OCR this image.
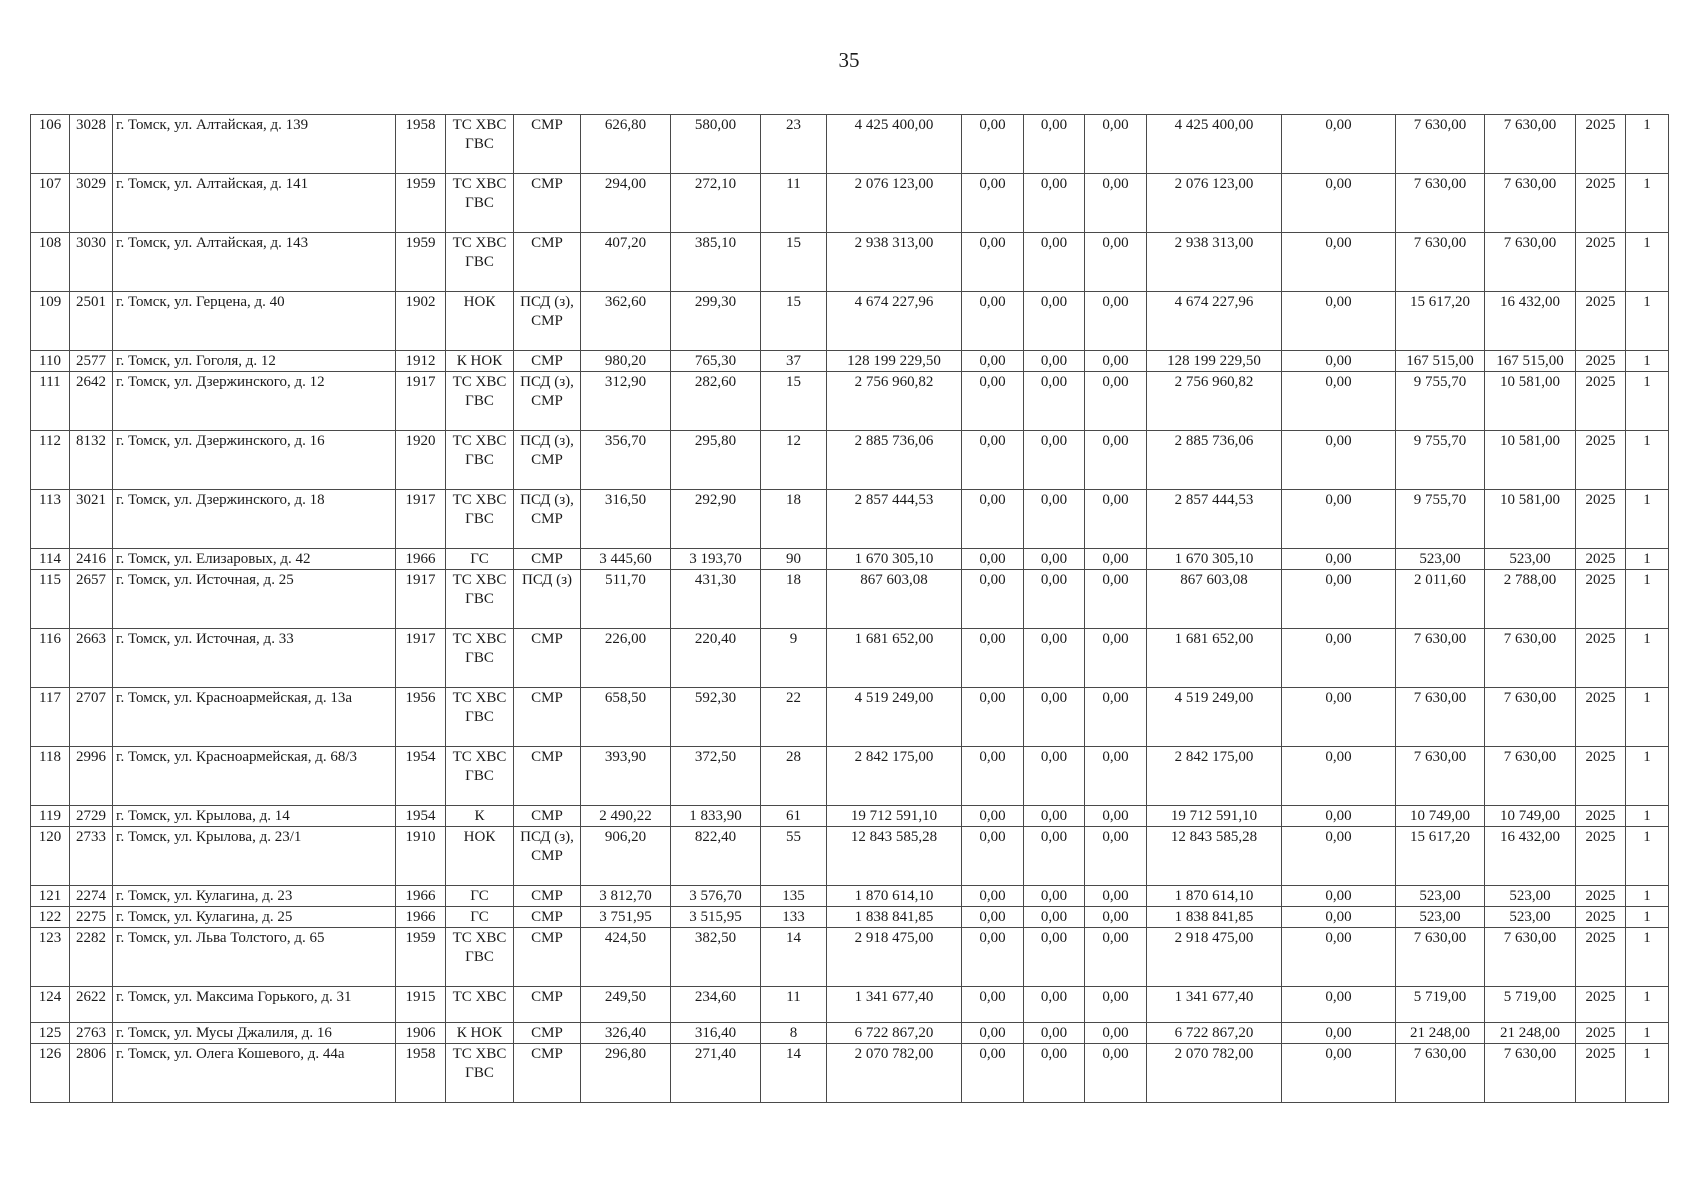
35
106	3028	г. Томск, ул. Алтайская, д. 139	1958	ТС ХВС ГВС	СМР	626,80	580,00	23	4 425 400,00	0,00	0,00	0,00	4 425 400,00	0,00	7 630,00	7 630,00	2025	1
107	3029	г. Томск, ул. Алтайская, д. 141	1959	ТС ХВС ГВС	СМР	294,00	272,10	11	2 076 123,00	0,00	0,00	0,00	2 076 123,00	0,00	7 630,00	7 630,00	2025	1
108	3030	г. Томск, ул. Алтайская, д. 143	1959	ТС ХВС ГВС	СМР	407,20	385,10	15	2 938 313,00	0,00	0,00	0,00	2 938 313,00	0,00	7 630,00	7 630,00	2025	1
109	2501	г. Томск, ул. Герцена, д. 40	1902	НОК	ПСД (з), СМР	362,60	299,30	15	4 674 227,96	0,00	0,00	0,00	4 674 227,96	0,00	15 617,20	16 432,00	2025	1
110	2577	г. Томск, ул. Гоголя, д. 12	1912	К НОК	СМР	980,20	765,30	37	128 199 229,50	0,00	0,00	0,00	128 199 229,50	0,00	167 515,00	167 515,00	2025	1
111	2642	г. Томск, ул. Дзержинского, д. 12	1917	ТС ХВС ГВС	ПСД (з), СМР	312,90	282,60	15	2 756 960,82	0,00	0,00	0,00	2 756 960,82	0,00	9 755,70	10 581,00	2025	1
112	8132	г. Томск, ул. Дзержинского, д. 16	1920	ТС ХВС ГВС	ПСД (з), СМР	356,70	295,80	12	2 885 736,06	0,00	0,00	0,00	2 885 736,06	0,00	9 755,70	10 581,00	2025	1
113	3021	г. Томск, ул. Дзержинского, д. 18	1917	ТС ХВС ГВС	ПСД (з), СМР	316,50	292,90	18	2 857 444,53	0,00	0,00	0,00	2 857 444,53	0,00	9 755,70	10 581,00	2025	1
114	2416	г. Томск, ул. Елизаровых, д. 42	1966	ГС	СМР	3 445,60	3 193,70	90	1 670 305,10	0,00	0,00	0,00	1 670 305,10	0,00	523,00	523,00	2025	1
115	2657	г. Томск, ул. Источная, д. 25	1917	ТС ХВС ГВС	ПСД (з)	511,70	431,30	18	867 603,08	0,00	0,00	0,00	867 603,08	0,00	2 011,60	2 788,00	2025	1
116	2663	г. Томск, ул. Источная, д. 33	1917	ТС ХВС ГВС	СМР	226,00	220,40	9	1 681 652,00	0,00	0,00	0,00	1 681 652,00	0,00	7 630,00	7 630,00	2025	1
117	2707	г. Томск, ул. Красноармейская, д. 13а	1956	ТС ХВС ГВС	СМР	658,50	592,30	22	4 519 249,00	0,00	0,00	0,00	4 519 249,00	0,00	7 630,00	7 630,00	2025	1
118	2996	г. Томск, ул. Красноармейская, д. 68/3	1954	ТС ХВС ГВС	СМР	393,90	372,50	28	2 842 175,00	0,00	0,00	0,00	2 842 175,00	0,00	7 630,00	7 630,00	2025	1
119	2729	г. Томск, ул. Крылова, д. 14	1954	К	СМР	2 490,22	1 833,90	61	19 712 591,10	0,00	0,00	0,00	19 712 591,10	0,00	10 749,00	10 749,00	2025	1
120	2733	г. Томск, ул. Крылова, д. 23/1	1910	НОК	ПСД (з), СМР	906,20	822,40	55	12 843 585,28	0,00	0,00	0,00	12 843 585,28	0,00	15 617,20	16 432,00	2025	1
121	2274	г. Томск, ул. Кулагина, д. 23	1966	ГС	СМР	3 812,70	3 576,70	135	1 870 614,10	0,00	0,00	0,00	1 870 614,10	0,00	523,00	523,00	2025	1
122	2275	г. Томск, ул. Кулагина, д. 25	1966	ГС	СМР	3 751,95	3 515,95	133	1 838 841,85	0,00	0,00	0,00	1 838 841,85	0,00	523,00	523,00	2025	1
123	2282	г. Томск, ул. Льва Толстого, д. 65	1959	ТС ХВС ГВС	СМР	424,50	382,50	14	2 918 475,00	0,00	0,00	0,00	2 918 475,00	0,00	7 630,00	7 630,00	2025	1
124	2622	г. Томск, ул. Максима Горького, д. 31	1915	ТС ХВС	СМР	249,50	234,60	11	1 341 677,40	0,00	0,00	0,00	1 341 677,40	0,00	5 719,00	5 719,00	2025	1
125	2763	г. Томск, ул. Мусы Джалиля, д. 16	1906	К НОК	СМР	326,40	316,40	8	6 722 867,20	0,00	0,00	0,00	6 722 867,20	0,00	21 248,00	21 248,00	2025	1
126	2806	г. Томск, ул. Олега Кошевого, д. 44а	1958	ТС ХВС ГВС	СМР	296,80	271,40	14	2 070 782,00	0,00	0,00	0,00	2 070 782,00	0,00	7 630,00	7 630,00	2025	1
